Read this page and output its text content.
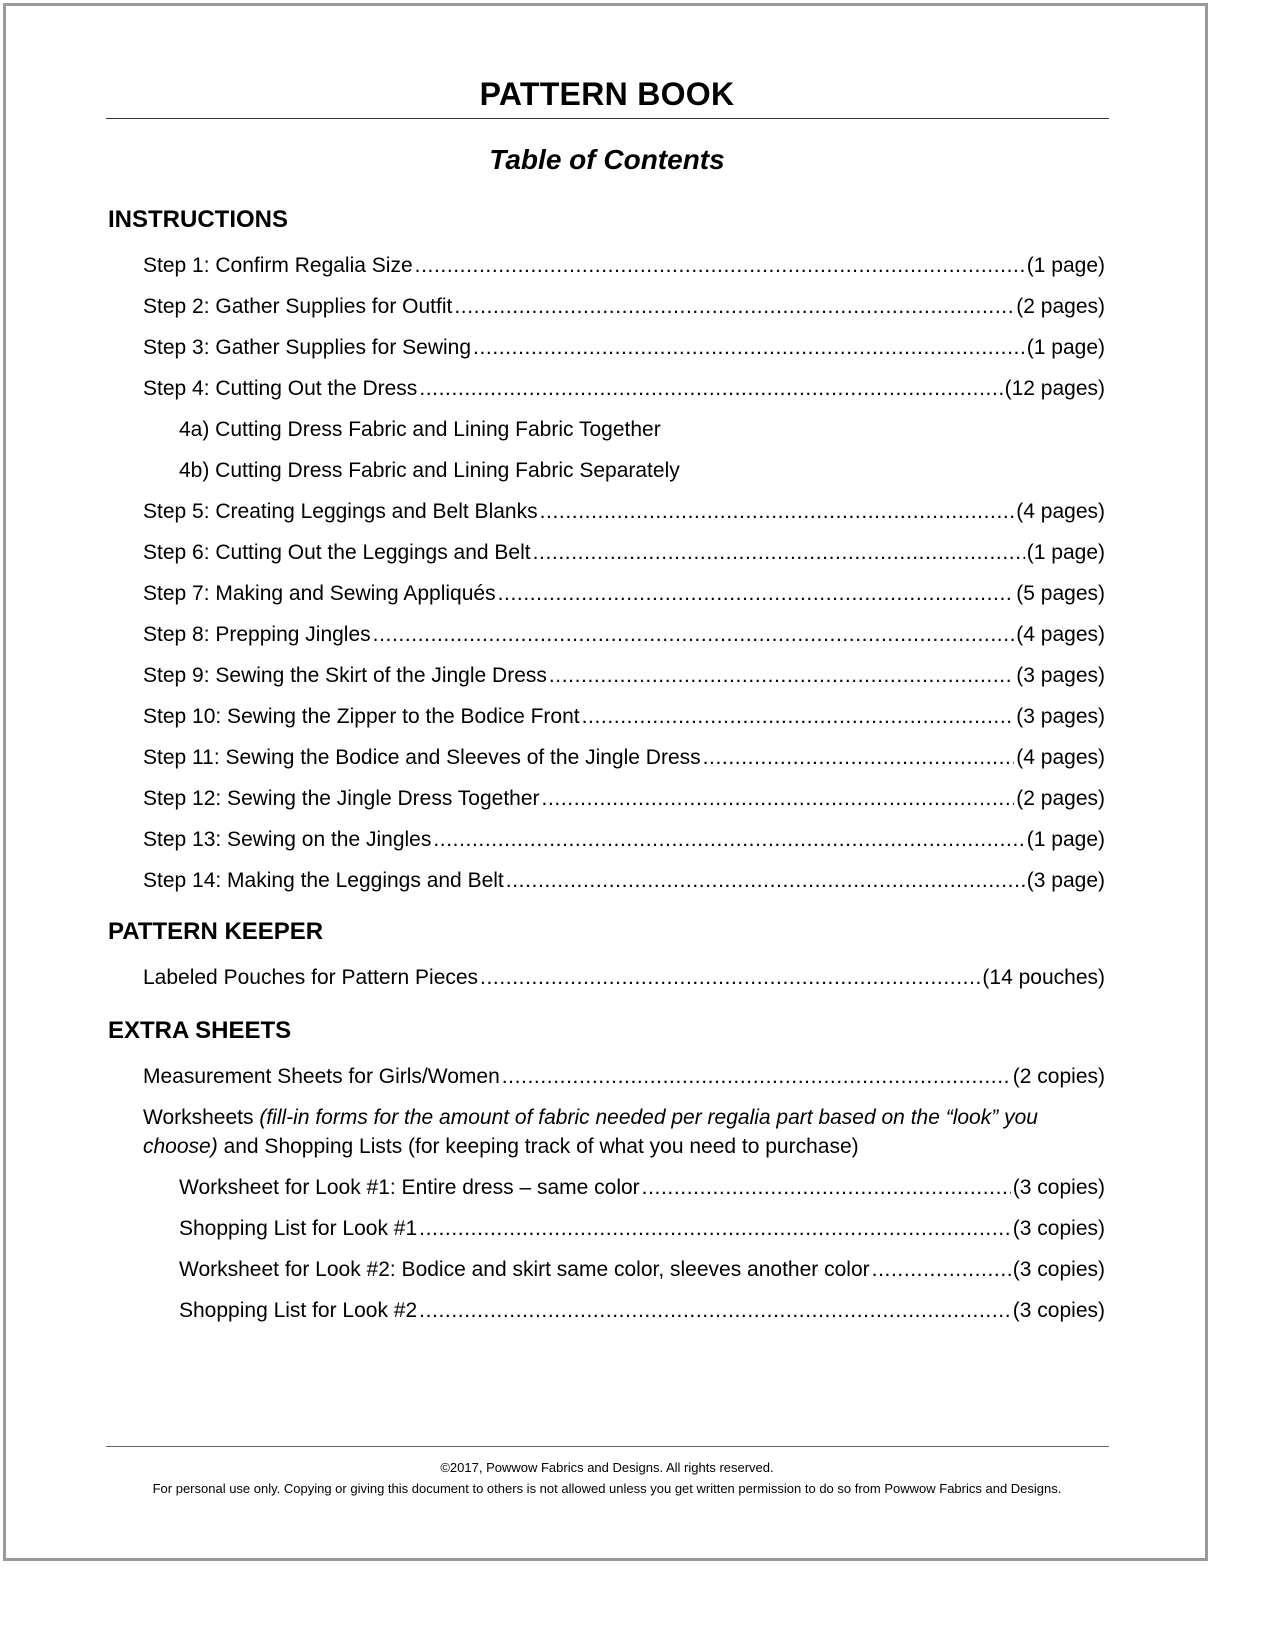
PATTERN BOOK
Table of Contents
INSTRUCTIONS
Step 1: Confirm Regalia Size .....	(1 page)
Step 2: Gather Supplies for Outfit .....	(2 pages)
Step 3: Gather Supplies for Sewing .....	(1 page)
Step 4: Cutting Out the Dress .....	(12 pages)
4a) Cutting Dress Fabric and Lining Fabric Together
4b) Cutting Dress Fabric and Lining Fabric Separately
Step 5: Creating Leggings and Belt Blanks .....	(4 pages)
Step 6: Cutting Out the Leggings and Belt .....	(1 page)
Step 7: Making and Sewing Appliqués .....	(5 pages)
Step 8: Prepping Jingles .....	(4 pages)
Step 9: Sewing the Skirt of the Jingle Dress .....	(3 pages)
Step 10: Sewing the Zipper to the Bodice Front .....	(3 pages)
Step 11: Sewing the Bodice and Sleeves of the Jingle Dress .....	(4 pages)
Step 12: Sewing the Jingle Dress Together .....	(2 pages)
Step 13: Sewing on the Jingles .....	(1 page)
Step 14: Making the Leggings and Belt .....	(3 page)
PATTERN KEEPER
Labeled Pouches for Pattern Pieces .....	(14 pouches)
EXTRA SHEETS
Measurement Sheets for Girls/Women .....	(2 copies)
Worksheets (fill-in forms for the amount of fabric needed per regalia part based on the “look” you choose) and Shopping Lists (for keeping track of what you need to purchase)
Worksheet for Look #1: Entire dress – same color .....	(3 copies)
Shopping List for Look #1 .....	(3 copies)
Worksheet for Look #2: Bodice and skirt same color, sleeves another color .....	(3 copies)
Shopping List for Look #2 .....	(3 copies)
©2017, Powwow Fabrics and Designs. All rights reserved.
For personal use only. Copying or giving this document to others is not allowed unless you get written permission to do so from Powwow Fabrics and Designs.
